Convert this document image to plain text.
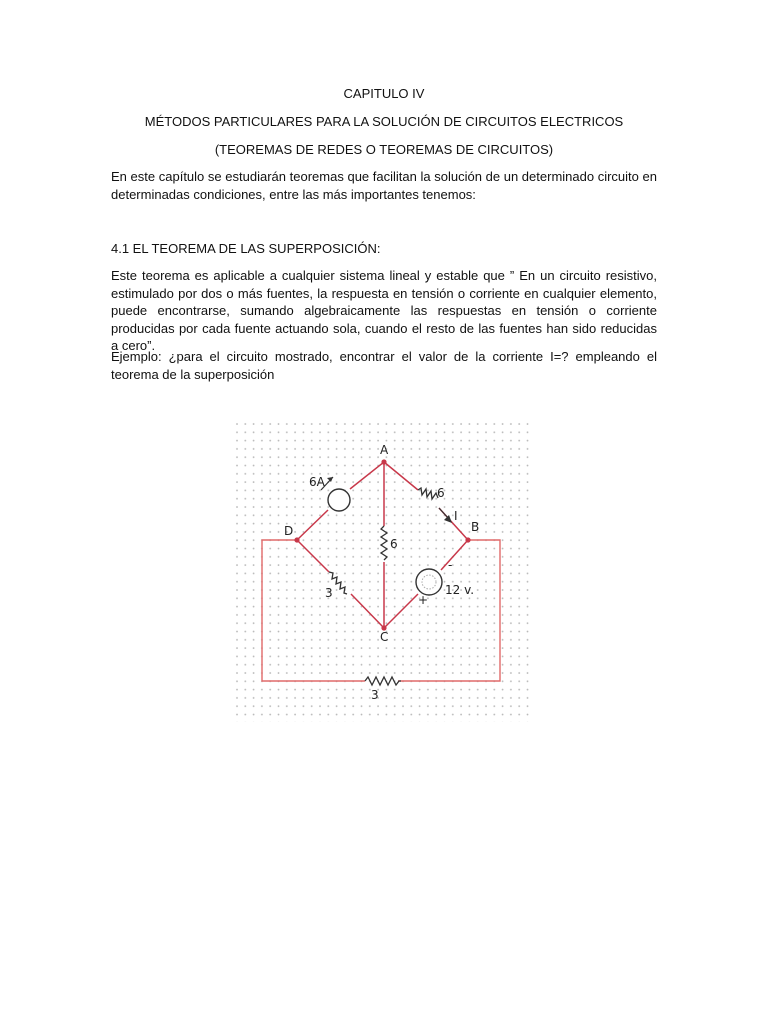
CAPITULO IV
MÉTODOS PARTICULARES PARA LA SOLUCIÓN DE CIRCUITOS ELECTRICOS
(TEOREMAS DE REDES O TEOREMAS DE CIRCUITOS)
En este capítulo se estudiarán teoremas que facilitan la solución de un determinado circuito en determinadas condiciones, entre las más importantes tenemos:
4.1 EL TEOREMA DE LAS SUPERPOSICIÓN:
Este teorema es aplicable a cualquier sistema lineal y estable que ” En un circuito resistivo, estimulado por dos o más fuentes, la respuesta en tensión o corriente en cualquier elemento, puede encontrarse, sumando algebraicamente las respuestas en tensión o corriente producidas por cada fuente actuando sola, cuando el resto de las fuentes han sido reducidas a cero”.
Ejemplo: ¿para el circuito mostrado, encontrar el valor de la corriente I=? empleando el teorema de la superposición
A
B
C
D
6A
6
I
6
3	12 v.
-
+
3
